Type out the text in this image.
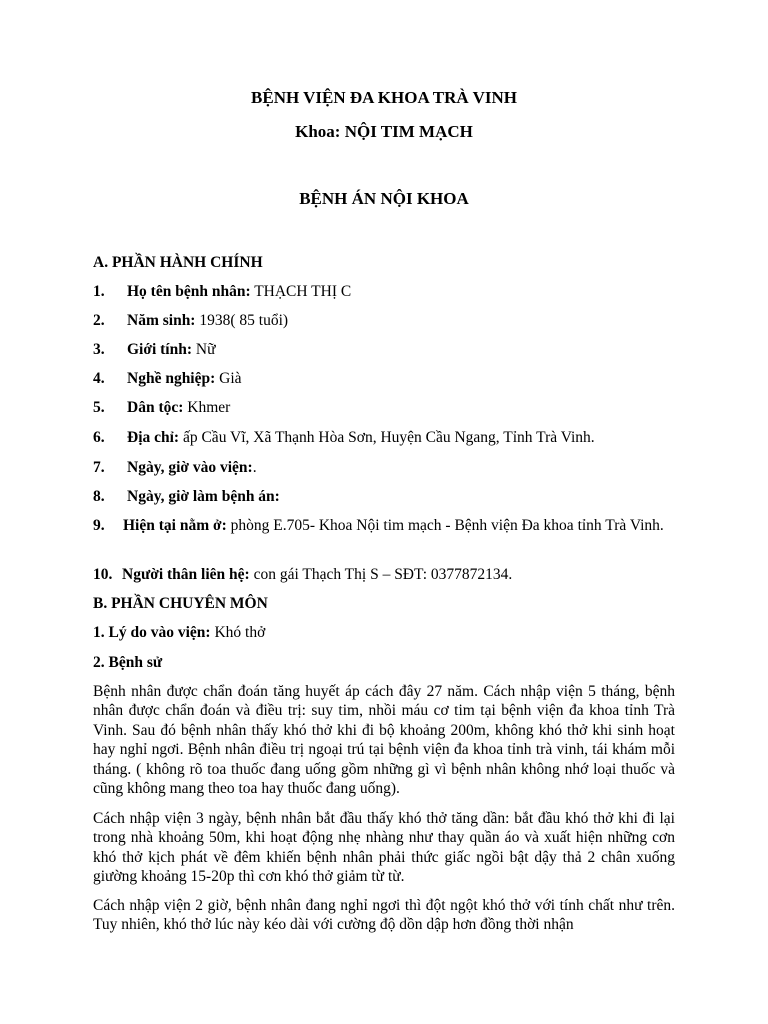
BỆNH VIỆN ĐA KHOA TRÀ VINH
Khoa: NỘI TIM MẠCH
BỆNH ÁN NỘI KHOA
A. PHẦN HÀNH CHÍNH
1. Họ tên bệnh nhân: THẠCH THỊ C
2. Năm sinh: 1938( 85 tuổi)
3. Giới tính: Nữ
4. Nghề nghiệp: Già
5. Dân tộc: Khmer
6. Địa chỉ: ấp Cầu Vĩ, Xã Thạnh Hòa Sơn, Huyện Cầu Ngang, Tỉnh Trà Vinh.
7. Ngày, giờ vào viện:.
8. Ngày, giờ làm bệnh án:
9. Hiện tại nằm ở: phòng E.705- Khoa Nội tim mạch - Bệnh viện Đa khoa tỉnh Trà Vinh.
10. Người thân liên hệ: con gái Thạch Thị S – SĐT: 0377872134.
B. PHẦN CHUYÊN MÔN
1. Lý do vào viện: Khó thở
2. Bệnh sử
Bệnh nhân được chẩn đoán tăng huyết áp cách đây 27 năm. Cách nhập viện 5 tháng, bệnh nhân được chẩn đoán và điều trị: suy tim, nhồi máu cơ tim tại bệnh viện đa khoa tỉnh Trà Vinh. Sau đó bệnh nhân thấy khó thở khi đi bộ khoảng 200m, không khó thở khi sinh hoạt hay nghỉ ngơi. Bệnh nhân điều trị ngoại trú tại bệnh viện đa khoa tỉnh trà vinh, tái khám mỗi tháng. ( không rõ toa thuốc đang uống gồm những gì vì bệnh nhân không nhớ loại thuốc và cũng không mang theo toa hay thuốc đang uống).
Cách nhập viện 3 ngày, bệnh nhân bắt đầu thấy khó thở tăng dần: bắt đầu khó thở khi đi lại trong nhà khoảng 50m, khi hoạt động nhẹ nhàng như thay quần áo và xuất hiện những cơn khó thở kịch phát về đêm khiến bệnh nhân phải thức giấc ngồi bật dậy thả 2 chân xuống giường khoảng 15-20p thì cơn khó thở giảm từ từ.
Cách nhập viện 2 giờ, bệnh nhân đang nghỉ ngơi thì đột ngột khó thở với tính chất như trên. Tuy nhiên, khó thở lúc này kéo dài với cường độ dồn dập hơn đồng thời nhận
